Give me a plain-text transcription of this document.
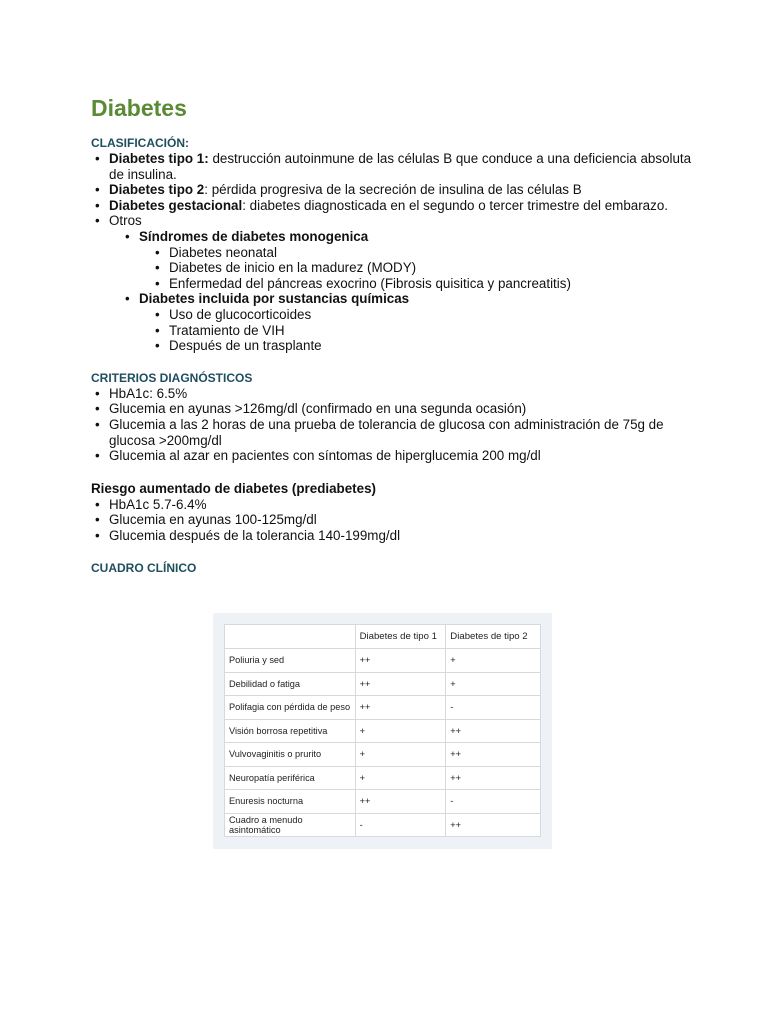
Diabetes

CLASIFICACIÓN:

• Diabetes tipo 1: destrucción autoinmune de las células B que conduce a una deficiencia absoluta de insulina.
• Diabetes tipo 2: pérdida progresiva de la secreción de insulina de las células B
• Diabetes gestacional: diabetes diagnosticada en el segundo o tercer trimestre del embarazo.
• Otros
• Síndromes de diabetes monogenica
• Diabetes neonatal
• Diabetes de inicio en la madurez (MODY)
• Enfermedad del páncreas exocrino (Fibrosis quisitica y pancreatitis)
• Diabetes incluida por sustancias químicas
• Uso de glucocorticoides
• Tratamiento de VIH
• Después de un trasplante

CRITERIOS DIAGNÓSTICOS

• HbA1c: 6.5%
• Glucemia en ayunas >126mg/dl (confirmado en una segunda ocasión)
• Glucemia a las 2 horas de una prueba de tolerancia de glucosa con administración de 75g de glucosa >200mg/dl
• Glucemia al azar en pacientes con síntomas de hiperglucemia 200 mg/dl

Riesgo aumentado de diabetes (prediabetes)

• HbA1c 5.7-6.4%
• Glucemia en ayunas 100-125mg/dl
• Glucemia después de la tolerancia 140-199mg/dl

CUADRO CLÍNICO

	Diabetes de tipo 1	Diabetes de tipo 2
Poliuria y sed	++	+
Debilidad o fatiga	++	+
Polifagia con pérdida de peso	++	-
Visión borrosa repetitiva	+	++
Vulvovaginitis o prurito	+	++
Neuropatía periférica	+	++
Enuresis nocturna	++	-
Cuadro a menudo asintomático	-	++
